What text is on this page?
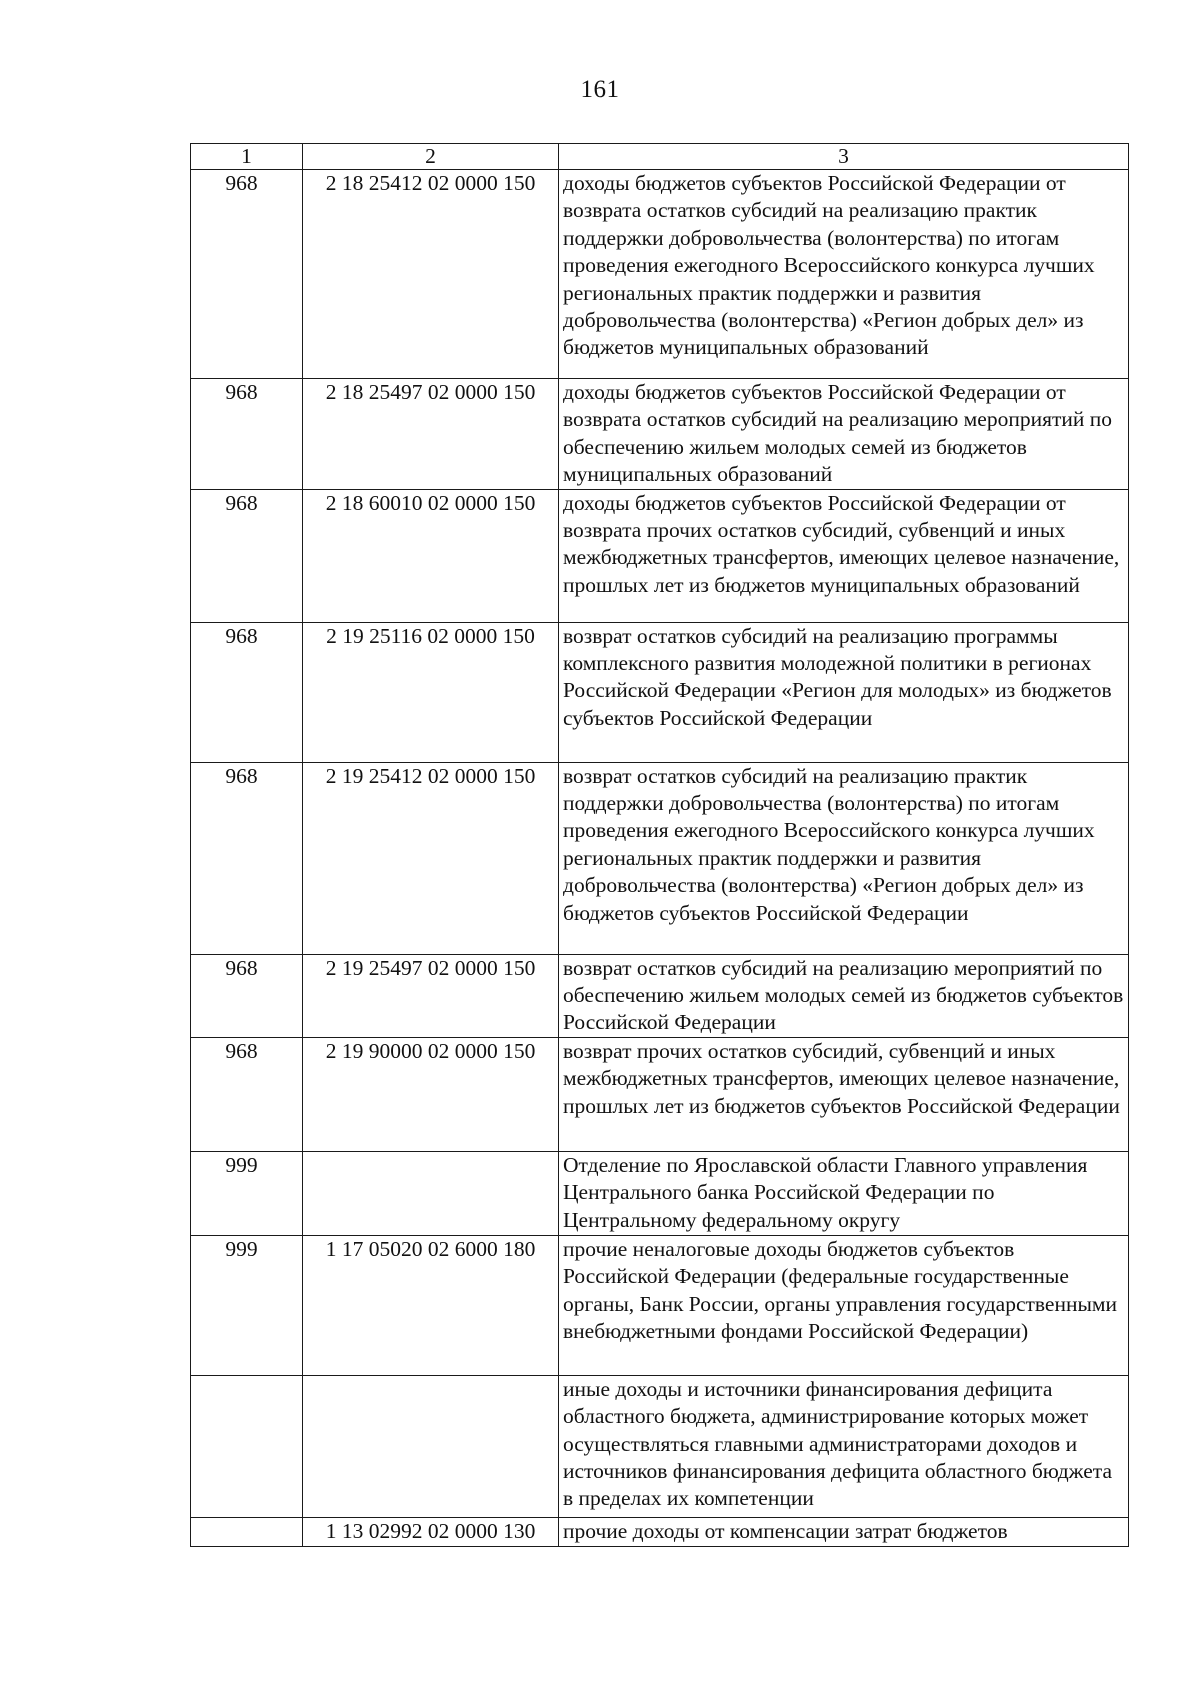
161
1	2	3
968	2 18 25412 02 0000 150	доходы бюджетов субъектов Российской Федерации от возврата остатков субсидий на реализацию практик поддержки добровольчества (волонтерства) по итогам проведения ежегодного Всероссийского конкурса лучших региональных практик поддержки и развития добровольчества (волонтерства) «Регион добрых дел» из бюджетов муниципальных образований
968	2 18 25497 02 0000 150	доходы бюджетов субъектов Российской Федерации от возврата остатков субсидий на реализацию мероприятий по обеспечению жильем молодых семей из бюджетов муниципальных образований
968	2 18 60010 02 0000 150	доходы бюджетов субъектов Российской Федерации от возврата прочих остатков субсидий, субвенций и иных межбюджетных трансфертов, имеющих целевое назначение, прошлых лет из бюджетов муниципальных образований
968	2 19 25116 02 0000 150	возврат остатков субсидий на реализацию программы комплексного развития молодежной политики в регионах Российской Федерации «Регион для молодых» из бюджетов субъектов Российской Федерации
968	2 19 25412 02 0000 150	возврат остатков субсидий на реализацию практик поддержки добровольчества (волонтерства) по итогам проведения ежегодного Всероссийского конкурса лучших региональных практик поддержки и развития добровольчества (волонтерства) «Регион добрых дел» из бюджетов субъектов Российской Федерации
968	2 19 25497 02 0000 150	возврат остатков субсидий на реализацию мероприятий по обеспечению жильем молодых семей из бюджетов субъектов Российской Федерации
968	2 19 90000 02 0000 150	возврат прочих остатков субсидий, субвенций и иных межбюджетных трансфертов, имеющих целевое назначение, прошлых лет из бюджетов субъектов Российской Федерации
999		Отделение по Ярославской области Главного управления Центрального банка Российской Федерации по Центральному федеральному округу
999	1 17 05020 02 6000 180	прочие неналоговые доходы бюджетов субъектов Российской Федерации (федеральные государственные органы, Банк России, органы управления государственными внебюджетными фондами Российской Федерации)
		иные доходы и источники финансирования дефицита областного бюджета, администрирование которых может осуществляться главными администраторами доходов и источников финансирования дефицита областного бюджета в пределах их компетенции
	1 13 02992 02 0000 130	прочие доходы от компенсации затрат бюджетов
